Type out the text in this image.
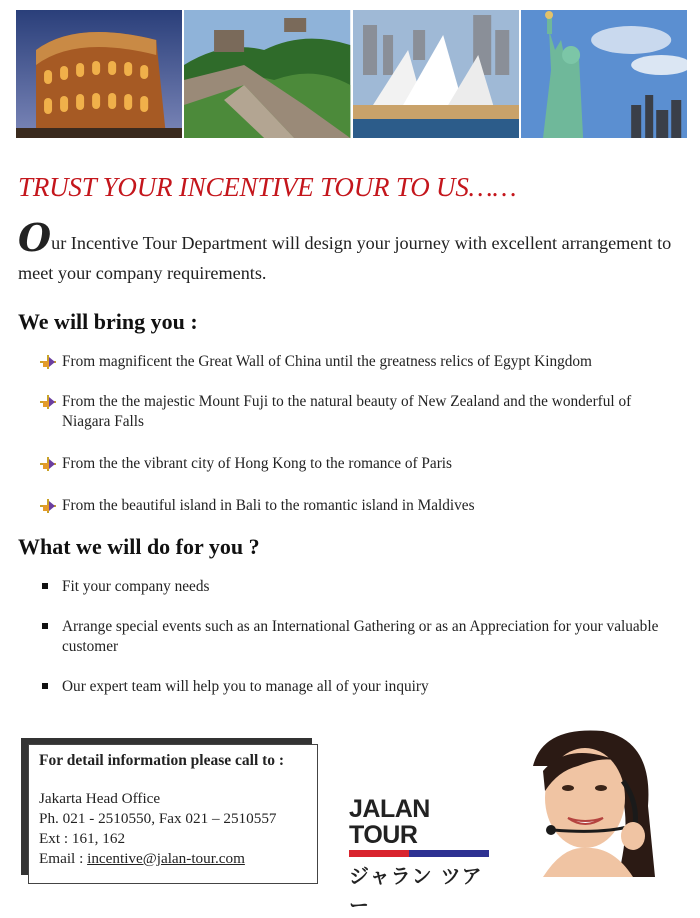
TRUST YOUR INCENTIVE TOUR TO US……

Our Incentive Tour Department will design your journey with excellent arrangement to meet your company requirements.

We will bring you :
From magnificent the Great Wall of China until the greatness relics of Egypt Kingdom
From the the majestic Mount Fuji to the natural beauty of New Zealand and the wonderful of Niagara Falls
From the the vibrant city of Hong Kong to the romance of Paris
From the beautiful island in Bali to the romantic island in Maldives
What we will do for you ?
Fit your company needs
Arrange special events such as an International Gathering or as an Appreciation for your valuable customer
Our expert team will help you to manage all of your inquiry

For detail information please call to :

Jakarta Head Office

Ph. 021 - 2510550, Fax 021 – 2510557

Ext : 161, 162

Email : incentive@jalan-tour.com

JALAN TOUR
ジャラン ツアー
